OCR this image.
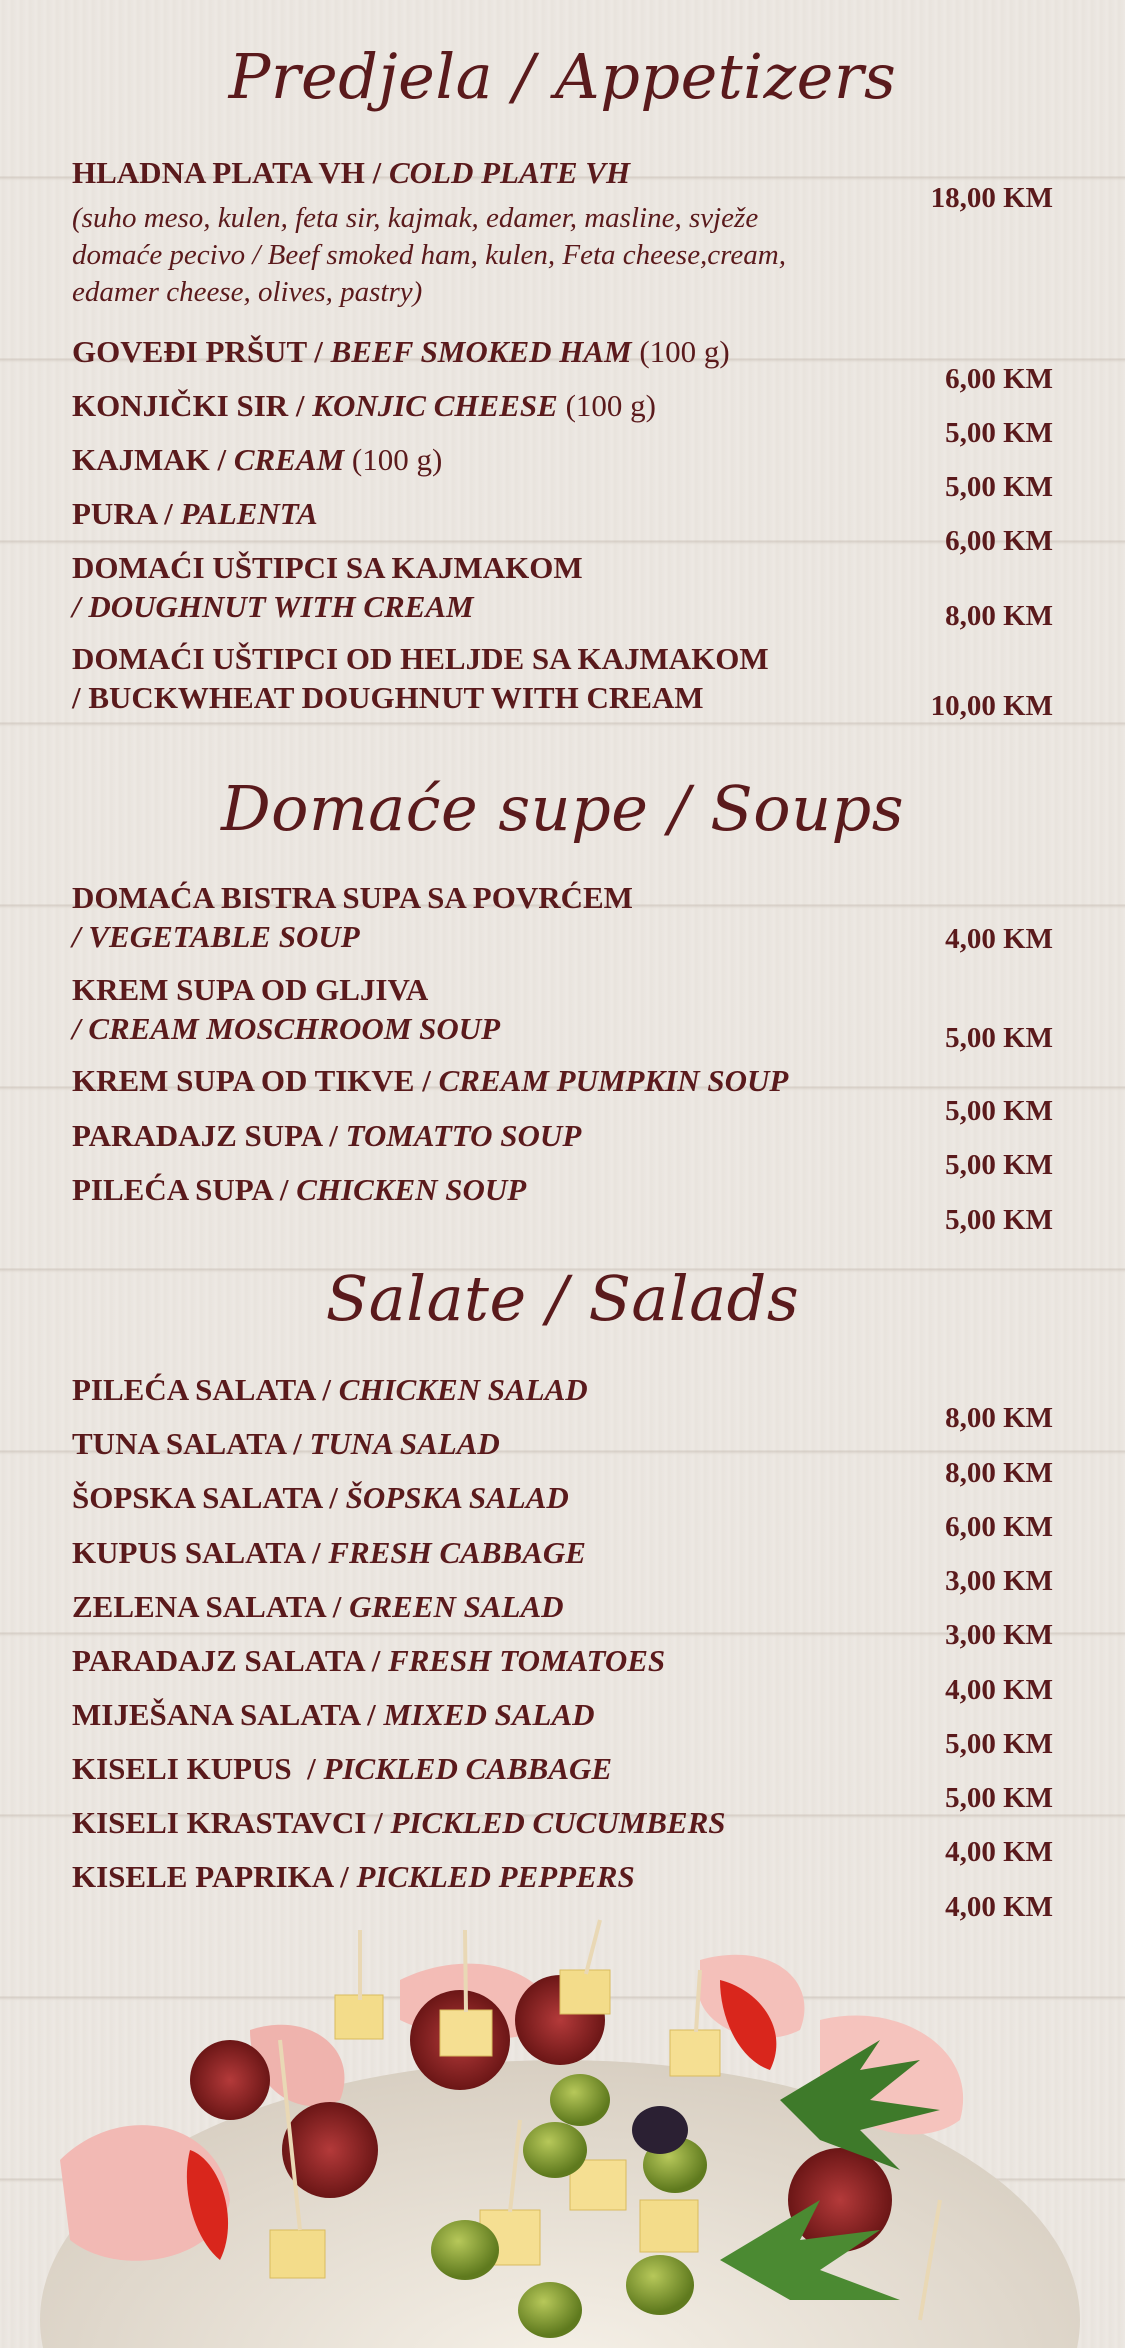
Predjela / Appetizers
HLADNA PLATA VH / COLD PLATE VH
(suho meso, kulen, feta sir, kajmak, edamer, masline, svježe domaće pecivo / Beef smoked ham, kulen, Feta cheese,cream, edamer cheese, olives, pastry)
GOVEĐI PRŠUT / BEEF SMOKED HAM (100 g)
KONJIČKI SIR / KONJIC CHEESE (100 g)
KAJMAK / CREAM (100 g)
PURA / PALENTA
DOMAĆI UŠTIPCI SA KAJMAKOM
/ DOUGHNUT WITH CREAM
DOMAĆI UŠTIPCI OD HELJDE SA KAJMAKOM
/ BUCKWHEAT DOUGHNUT WITH CREAM
18,00 KM
6,00 KM
5,00 KM
5,00 KM
6,00 KM
8,00 KM
10,00 KM
Domaće supe / Soups
DOMAĆA BISTRA SUPA SA POVRĆEM
/ VEGETABLE SOUP
KREM SUPA OD GLJIVA
/ CREAM MOSCHROOM SOUP
KREM SUPA OD TIKVE / CREAM PUMPKIN SOUP
PARADAJZ SUPA / TOMATTO SOUP
PILEĆA SUPA / CHICKEN SOUP
4,00 KM
5,00 KM
5,00 KM
5,00 KM
5,00 KM
Salate / Salads
PILEĆA SALATA / CHICKEN SALAD
TUNA SALATA / TUNA SALAD
ŠOPSKA SALATA / ŠOPSKA SALAD
KUPUS SALATA / FRESH CABBAGE
ZELENA SALATA / GREEN SALAD
PARADAJZ SALATA / FRESH TOMATOES
MIJEŠANA SALATA / MIXED SALAD
KISELI KUPUS  / PICKLED CABBAGE
KISELI KRASTAVCI / PICKLED CUCUMBERS
KISELE PAPRIKA / PICKLED PEPPERS
8,00 KM
8,00 KM
6,00 KM
3,00 KM
3,00 KM
4,00 KM
5,00 KM
5,00 KM
4,00 KM
4,00 KM
